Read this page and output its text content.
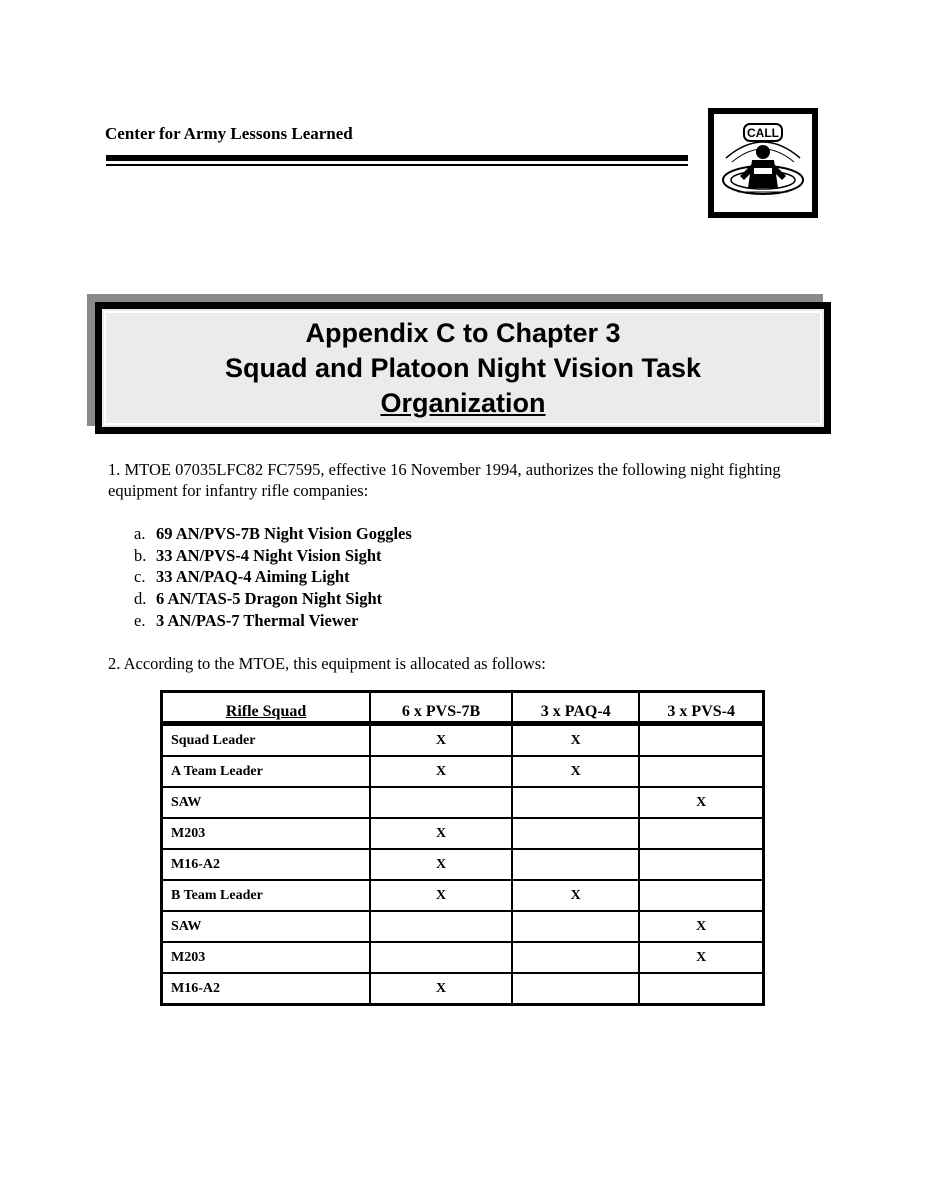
Center for Army Lessons Learned	CALL
Appendix C to Chapter 3
Squad and Platoon Night Vision Task
Organization
1. MTOE 07035LFC82 FC7595, effective 16 November 1994, authorizes the following night fighting equipment for infantry rifle companies:
a. 69 AN/PVS-7B Night Vision Goggles
b. 33 AN/PVS-4 Night Vision Sight
c. 33 AN/PAQ-4 Aiming Light
d. 6 AN/TAS-5 Dragon Night Sight
e. 3 AN/PAS-7 Thermal Viewer
2. According to the MTOE, this equipment is allocated as follows:
Rifle Squad	6 x PVS-7B	3 x PAQ-4	3 x PVS-4
Squad Leader	X	X	
A Team Leader	X	X	
SAW			X
M203	X		
M16-A2	X		
B Team Leader	X	X	
SAW			X
M203			X
M16-A2	X		
